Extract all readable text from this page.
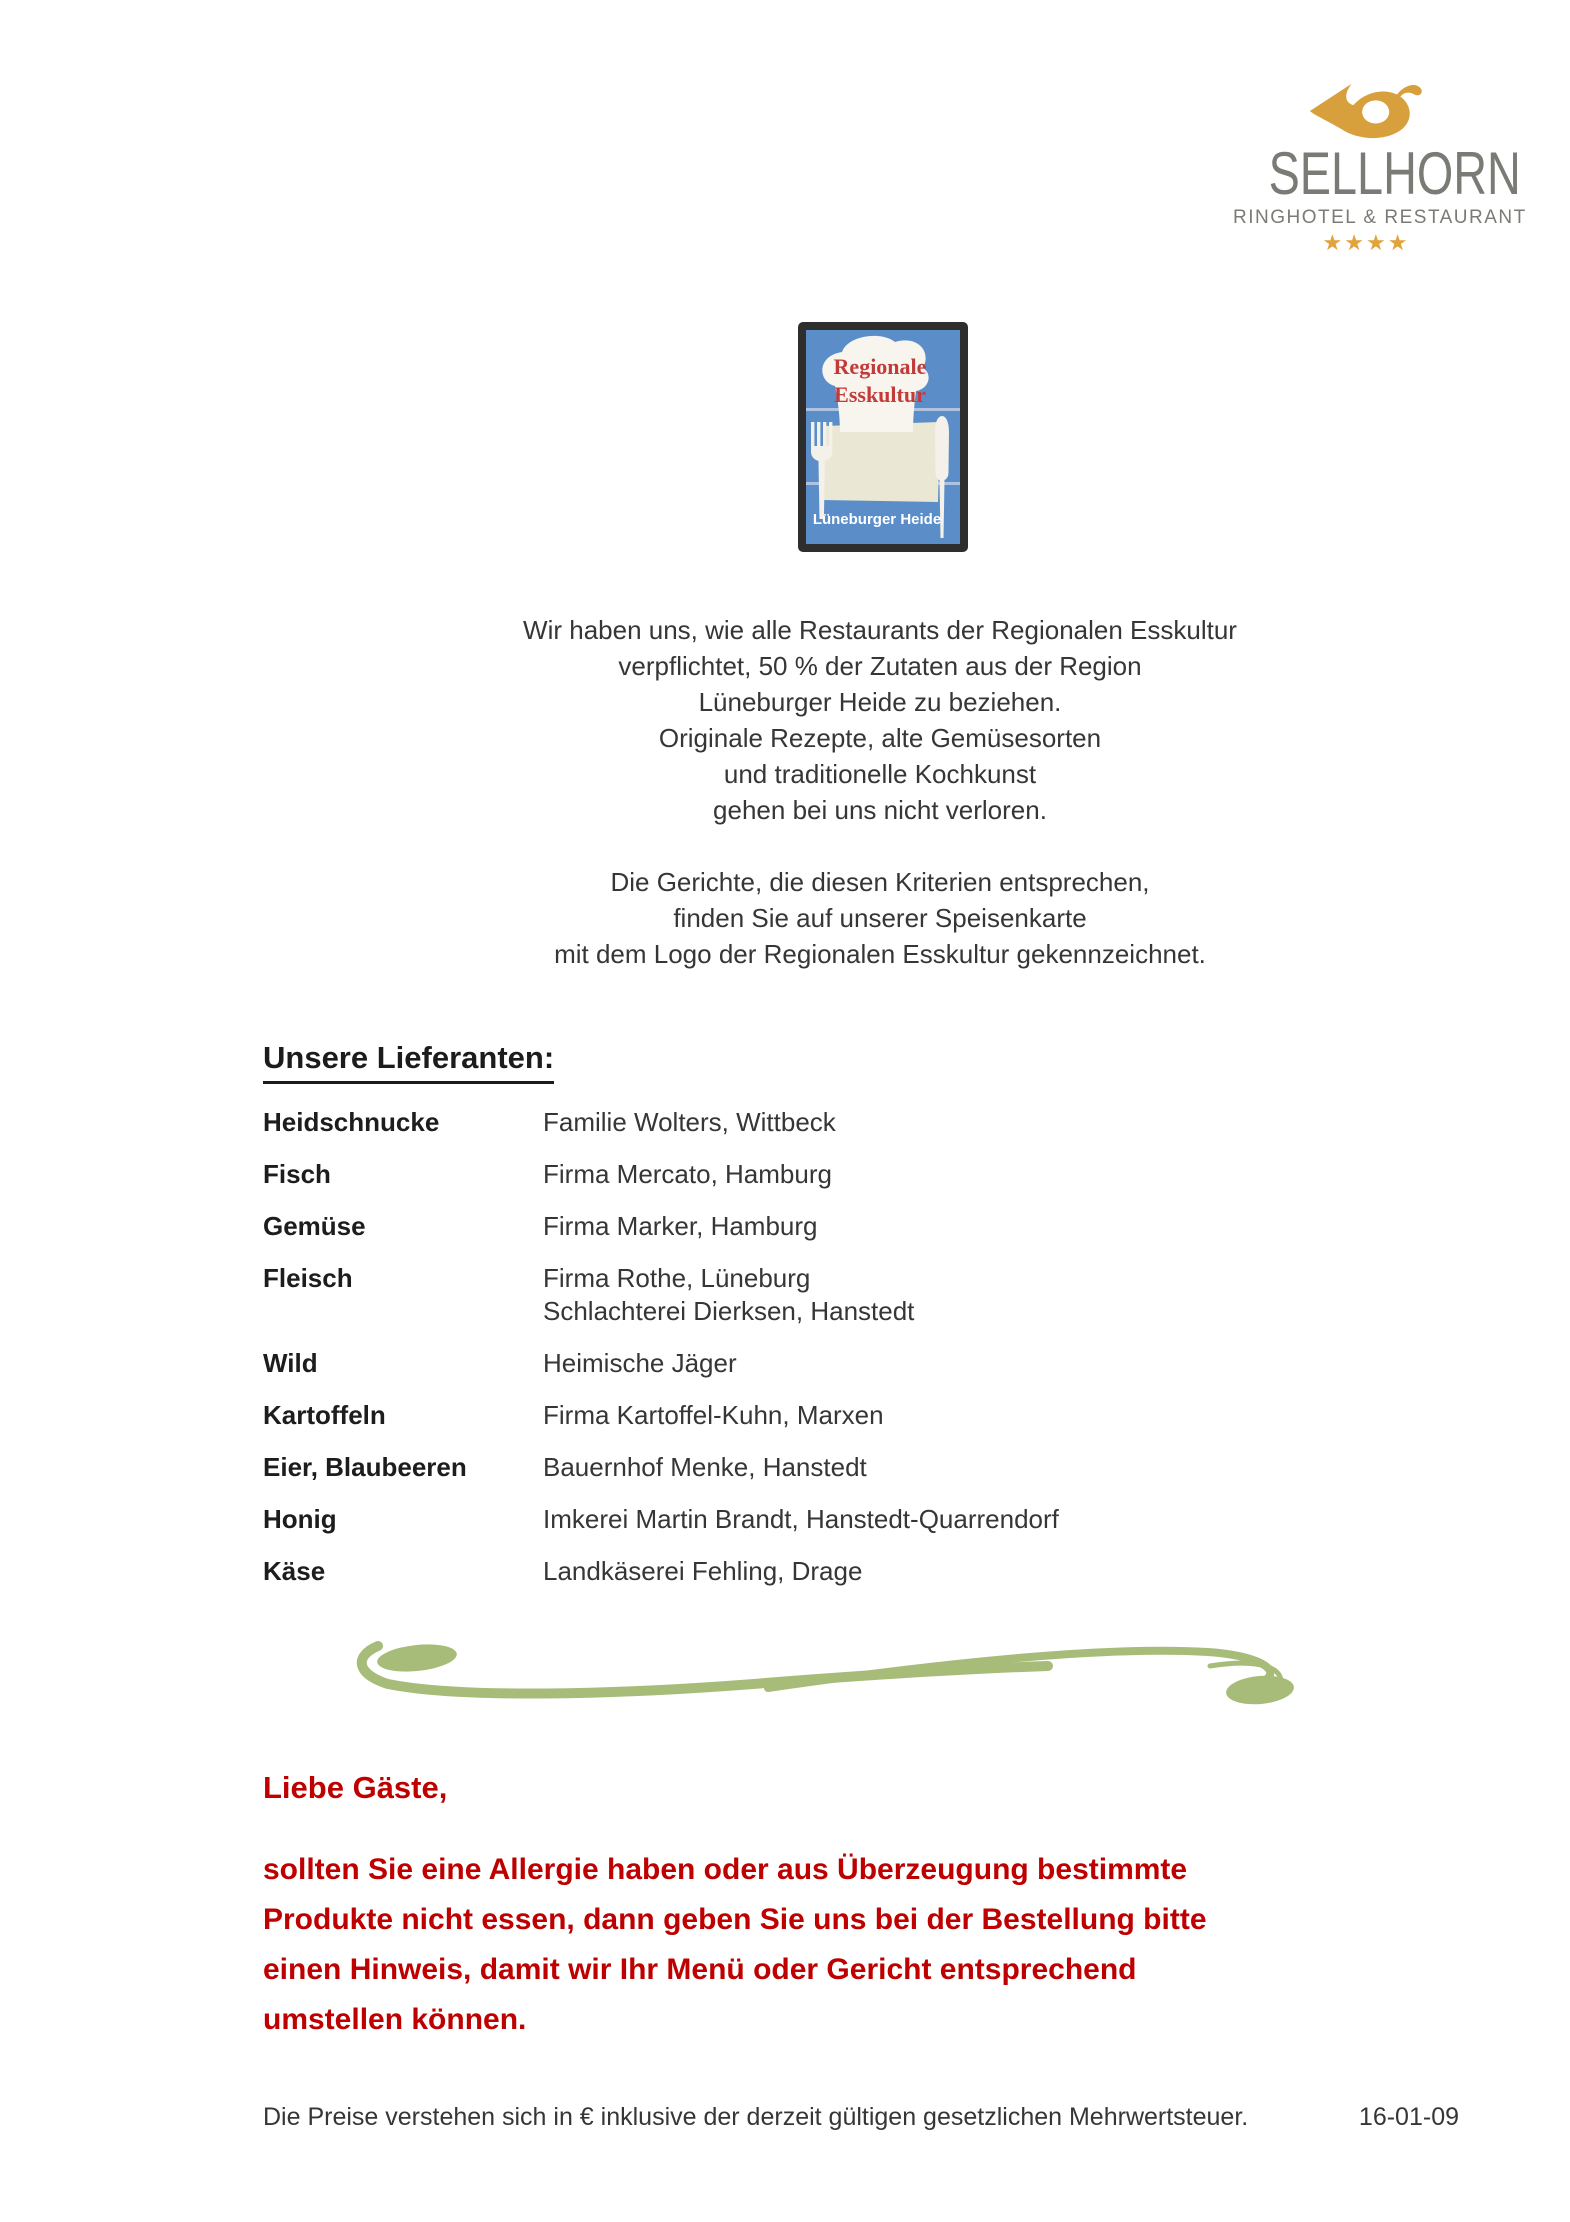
SELLHORN
RINGHOTEL & RESTAURANT
★★★★
Regionale
Esskultur
Lüneburger Heide
Wir haben uns, wie alle Restaurants der Regionalen Esskultur
verpflichtet, 50 % der Zutaten aus der Region
Lüneburger Heide zu beziehen.
Originale Rezepte, alte Gemüsesorten
und traditionelle Kochkunst
gehen bei uns nicht verloren.
Die Gerichte, die diesen Kriterien entsprechen,
finden Sie auf unserer Speisenkarte
mit dem Logo der Regionalen Esskultur gekennzeichnet.
Unsere Lieferanten:
Heidschnucke	Familie Wolters, Wittbeck
Fisch	Firma Mercato, Hamburg
Gemüse	Firma Marker, Hamburg
Fleisch	Firma Rothe, Lüneburg
Schlachterei Dierksen, Hanstedt
Wild	Heimische Jäger
Kartoffeln	Firma Kartoffel-Kuhn, Marxen
Eier, Blaubeeren	Bauernhof Menke, Hanstedt
Honig	Imkerei Martin Brandt, Hanstedt-Quarrendorf
Käse	Landkäserei Fehling, Drage
Liebe Gäste,
sollten Sie eine Allergie haben oder aus Überzeugung bestimmte
Produkte nicht essen, dann geben Sie uns bei der Bestellung bitte
einen Hinweis, damit wir Ihr Menü oder Gericht entsprechend
umstellen können.
Die Preise verstehen sich in € inklusive der derzeit gültigen gesetzlichen Mehrwertsteuer.	16-01-09
